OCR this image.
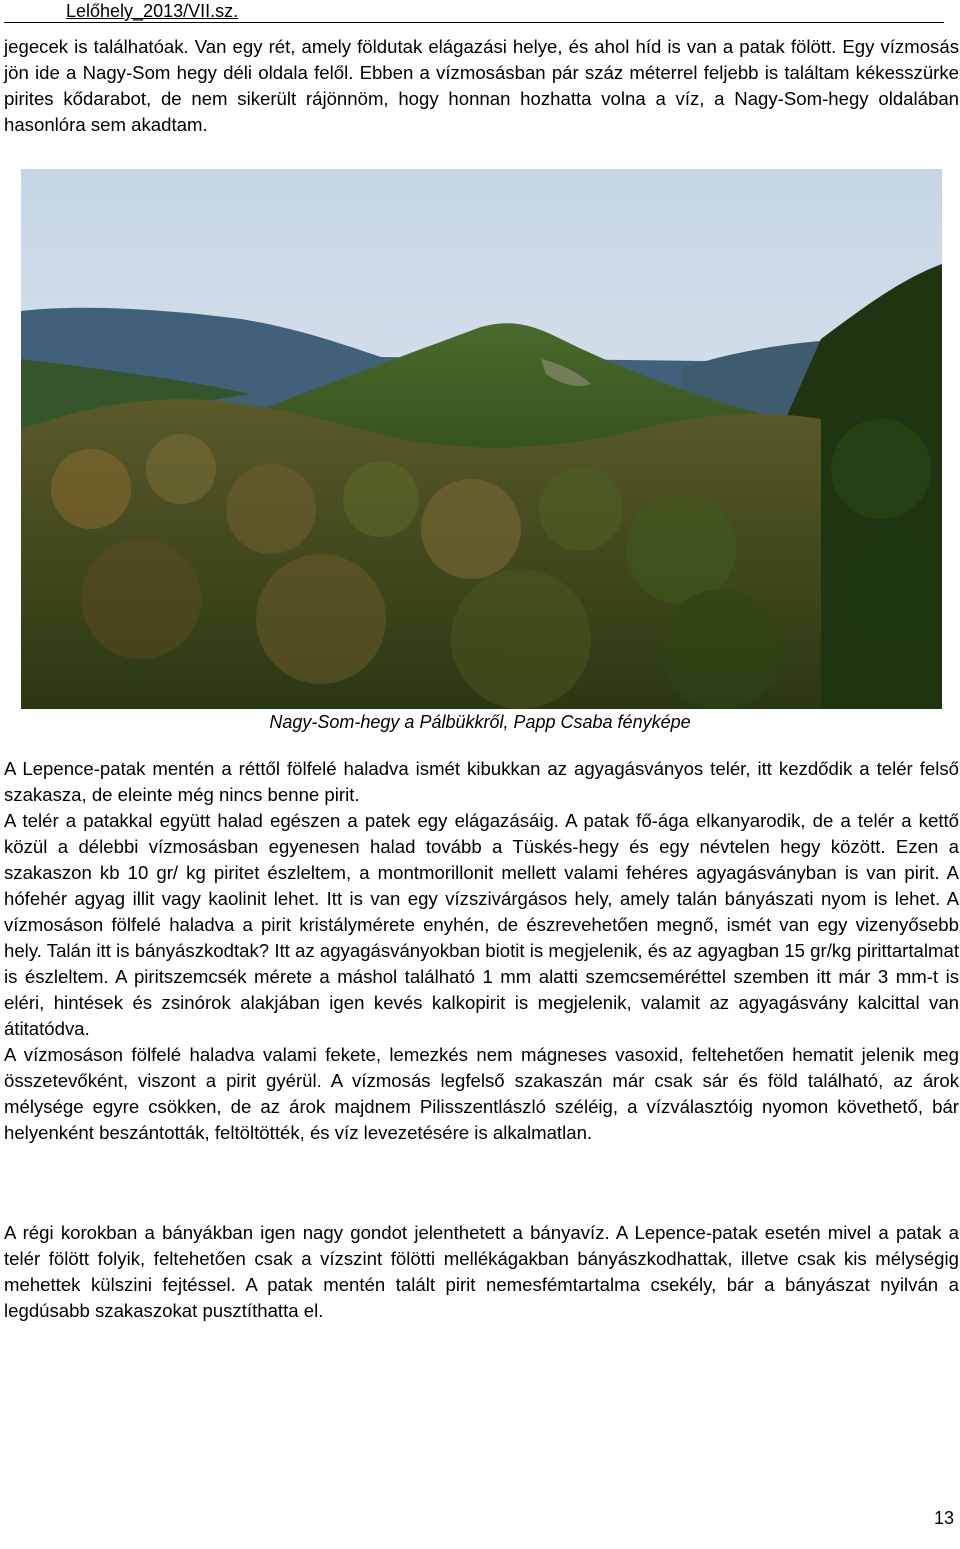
Lelőhely_2013/VII.sz.

jegecek is találhatóak. Van egy rét, amely földutak elágazási helye, és ahol híd is van a patak fölött. Egy vízmosás jön ide a Nagy-Som hegy déli oldala felől. Ebben a vízmosásban pár száz méterrel feljebb is találtam kékesszürke pirites kődarabot, de nem sikerült rájönnöm, hogy honnan hozhatta volna a víz, a Nagy-Som-hegy oldalában hasonlóra sem akadtam.

Nagy-Som-hegy a Pálbükkről, Papp Csaba fényképe
A Lepence-patak mentén a réttől fölfelé haladva ismét kibukkan az agyagásványos telér, itt kezdődik a telér felső szakasza, de eleinte még nincs benne pirit.
A telér a patakkal együtt halad egészen a patek egy elágazásáig. A patak fő-ága elkanyarodik, de a telér a kettő közül a délebbi vízmosásban egyenesen halad tovább a Tüskés-hegy és egy névtelen hegy között. Ezen a szakaszon kb 10 gr/ kg piritet észleltem, a montmorillonit mellett valami fehéres agyagásványban is van pirit. A hófehér agyag illit vagy kaolinit lehet. Itt is van egy vízszivárgásos hely, amely talán bányászati nyom is lehet. A vízmosáson fölfelé haladva a pirit kristálymérete enyhén, de észrevehetően megnő, ismét van egy vizenyősebb hely. Talán itt is bányászkodtak? Itt az agyagásványokban biotit is megjelenik, és az agyagban 15 gr/kg pirittartalmat is észleltem. A piritszemcsék mérete a máshol található 1 mm alatti szemcseméréttel szemben itt már 3 mm-t is eléri, hintések és zsinórok alakjában igen kevés kalkopirit is megjelenik, valamit az agyagásvány kalcittal van átitatódva.
A vízmosáson fölfelé haladva valami fekete, lemezkés nem mágneses vasoxid, feltehetően hematit jelenik meg összetevőként, viszont a pirit gyérül. A vízmosás legfelső szakaszán már csak sár és föld található, az árok mélysége egyre csökken, de az árok majdnem Pilisszentlászló széléig, a vízválasztóig nyomon követhető, bár helyenként beszántották, feltöltötték, és víz levezetésére is alkalmatlan.

A régi korokban a bányákban igen nagy gondot jelenthetett a bányavíz. A Lepence-patak esetén mivel a patak a telér fölött folyik, feltehetően csak a vízszint fölötti mellékágakban bányászkodhattak, illetve csak kis mélységig mehettek külszini fejtéssel. A patak mentén talált pirit nemesfémtartalma csekély, bár a bányászat nyilván a legdúsabb szakaszokat pusztíthatta el.

13
